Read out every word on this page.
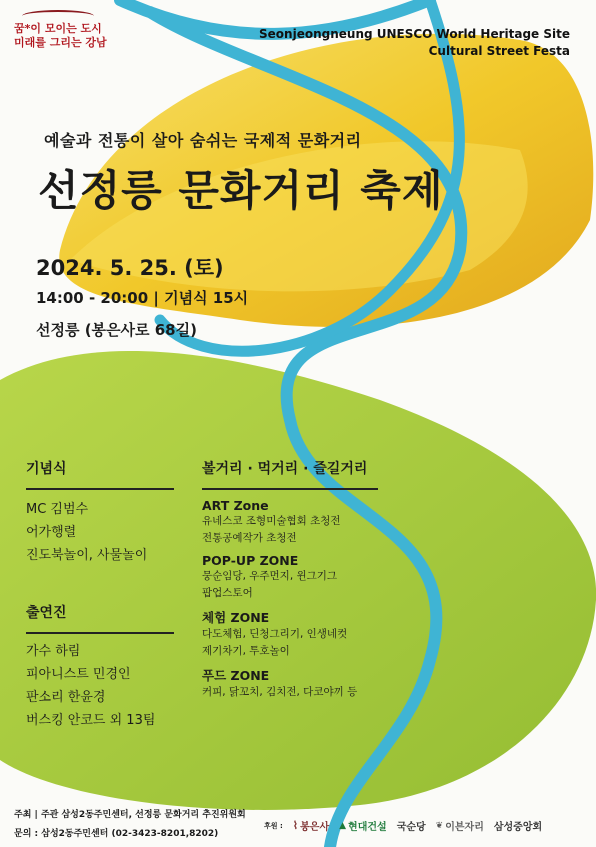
꿈*이 모이는 도시
미래를 그리는 강남
Seonjeongneung UNESCO World Heritage Site
Cultural Street Festa
예술과 전통이 살아 숨쉬는 국제적 문화거리
선정릉 문화거리 축제
2024. 5. 25. (토)
14:00 - 20:00 | 기념식 15시
선정릉 (봉은사로 68길)
기념식
MC 김범수
어가행렬
진도북놀이, 사물놀이
출연진
가수 하림
피아니스트 민경인
판소리 한윤경
버스킹 안코드 외 13팀
볼거리 · 먹거리 · 즐길거리
ART Zone
유네스코 조형미술협회 초청전
전통공예작가 초청전
POP-UP ZONE
뭉순임당, 우주먼지, 윈그기그
팝업스토어
체험 ZONE
다도체험, 딘청그리기, 인생네컷
제기차기, 투호놀이
푸드 ZONE
커피, 닭꼬치, 김치전, 다코야끼 등
주최 | 주관 삼성2동주민센터, 선정릉 문화거리 추진위원회
문의 : 삼성2동주민센터 (02-3423-8201,8202)
후원 : ⌇ 봉은사 ▲ 현대건설 국순당 ❦ 이븐자리 삼성중앙회
